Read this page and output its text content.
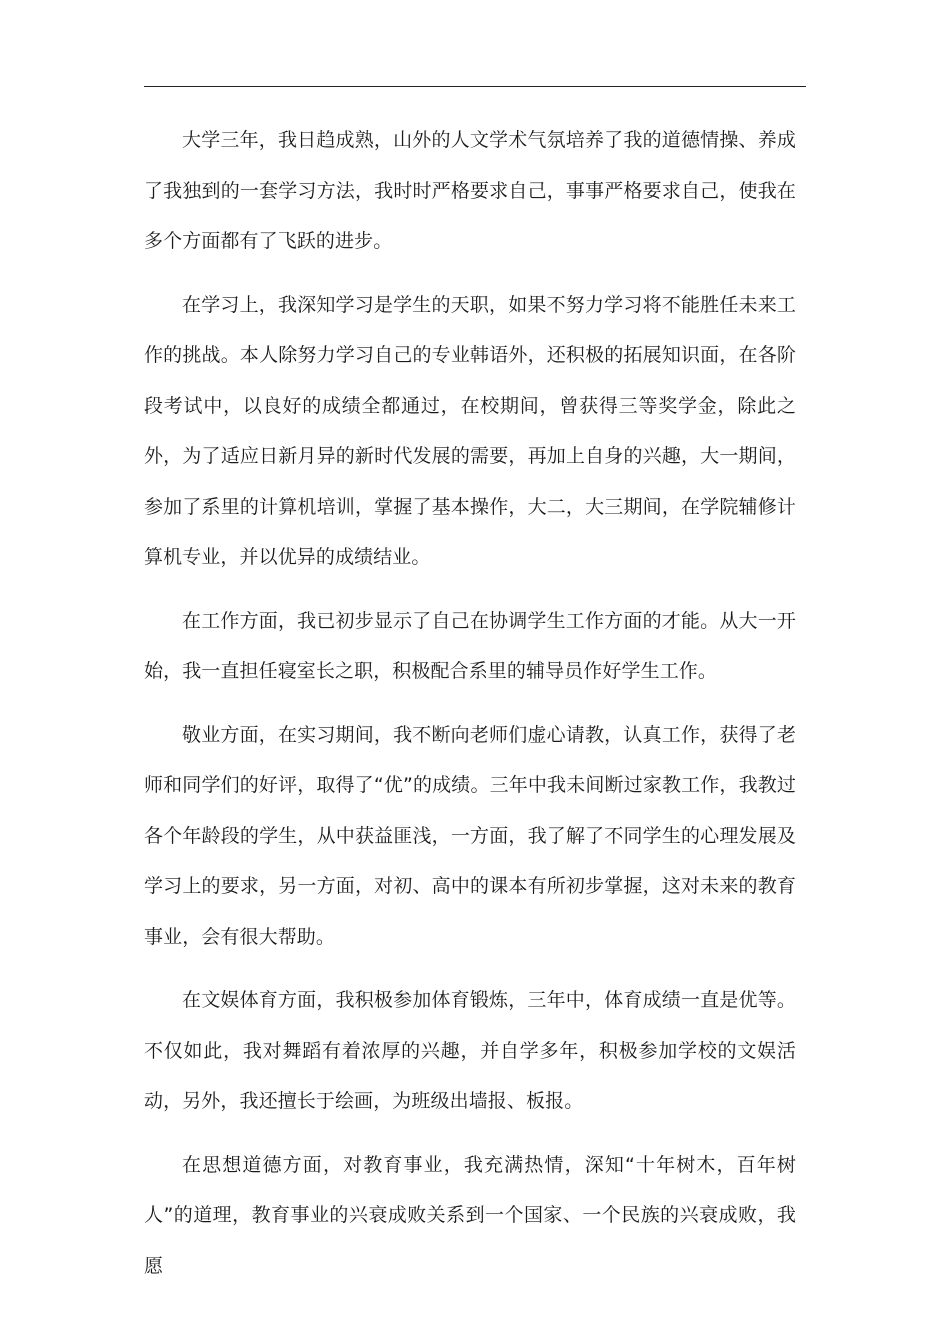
大学三年，我日趋成熟，山外的人文学术气氛培养了我的道德情操、养成了我独到的一套学习方法，我时时严格要求自己，事事严格要求自己，使我在多个方面都有了飞跃的进步。

在学习上，我深知学习是学生的天职，如果不努力学习将不能胜任未来工作的挑战。本人除努力学习自己的专业韩语外，还积极的拓展知识面，在各阶段考试中，以良好的成绩全都通过，在校期间，曾获得三等奖学金，除此之外，为了适应日新月异的新时代发展的需要，再加上自身的兴趣，大一期间，参加了系里的计算机培训，掌握了基本操作，大二，大三期间，在学院辅修计算机专业，并以优异的成绩结业。

在工作方面，我已初步显示了自己在协调学生工作方面的才能。从大一开始，我一直担任寝室长之职，积极配合系里的辅导员作好学生工作。

敬业方面，在实习期间，我不断向老师们虚心请教，认真工作，获得了老师和同学们的好评，取得了“优”的成绩。三年中我未间断过家教工作，我教过各个年龄段的学生，从中获益匪浅，一方面，我了解了不同学生的心理发展及学习上的要求，另一方面，对初、高中的课本有所初步掌握，这对未来的教育事业，会有很大帮助。

在文娱体育方面，我积极参加体育锻炼，三年中，体育成绩一直是优等。不仅如此，我对舞蹈有着浓厚的兴趣，并自学多年，积极参加学校的文娱活动，另外，我还擅长于绘画，为班级出墙报、板报。

在思想道德方面，对教育事业，我充满热情，深知“十年树木，百年树人”的道理，教育事业的兴衰成败关系到一个国家、一个民族的兴衰成败，我愿
